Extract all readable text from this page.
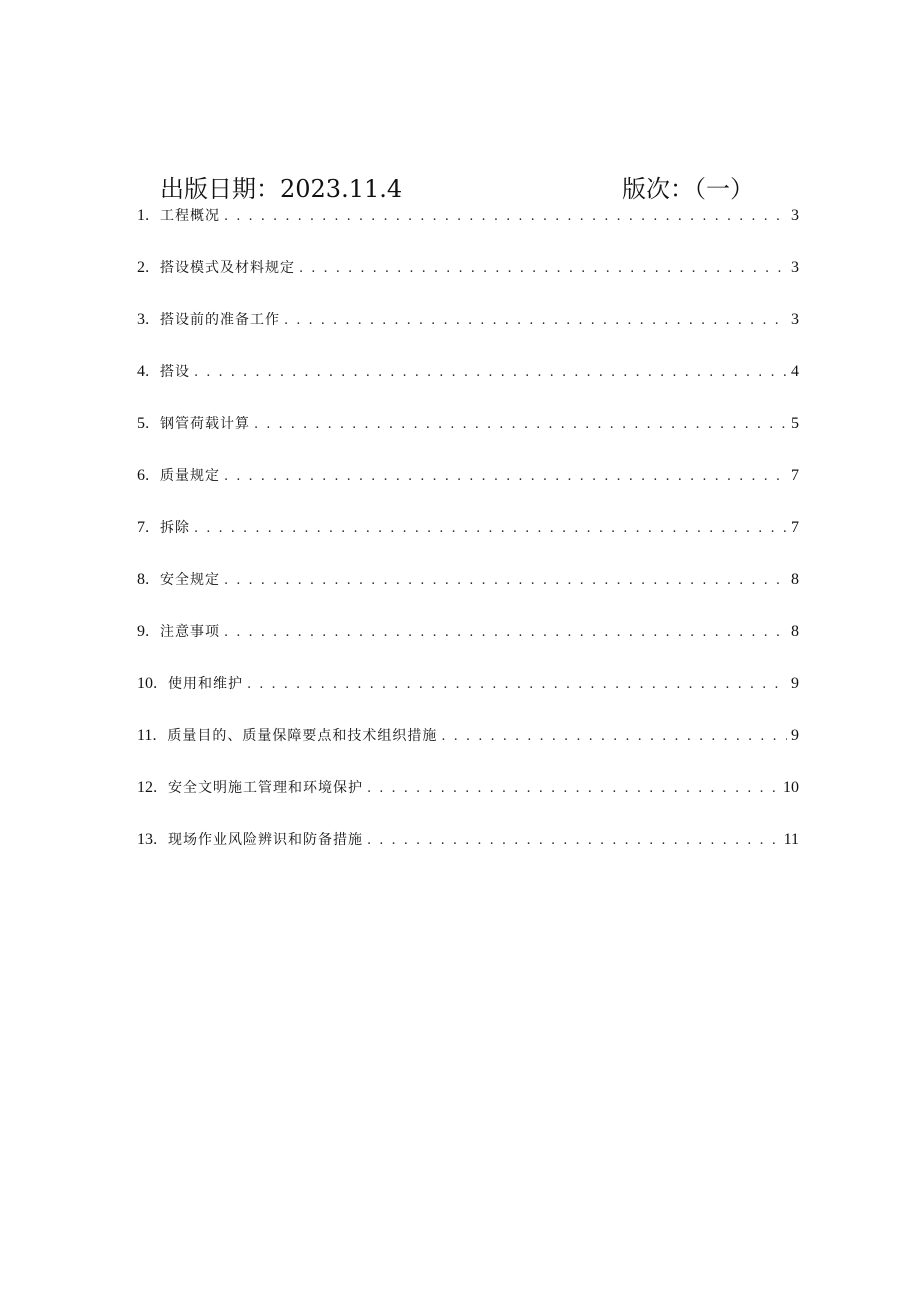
出版日期：2023.11.4	版次：（一）
1 ． 工程概况 . . .	3
2 ． 搭设模式及材料规定 . . .	3
3 ． 搭设前的准备工作 . . .	3
4 ． 搭设 . . .	4
5 ． 钢管荷载计算 . . .	5
6 ． 质量规定 . . .	7
7 ． 拆除 . . .	7
8 ． 安全规定 . . .	8
9 ． 注意事项 . . .	8
10 ． 使用和维护 . . .	9
11 ． 质量目的、质量保障要点和技术组织措施 . . .	9
12 ． 安全文明施工管理和环境保护 . . .	10
13 ． 现场作业风险辨识和防备措施 . . .	11
